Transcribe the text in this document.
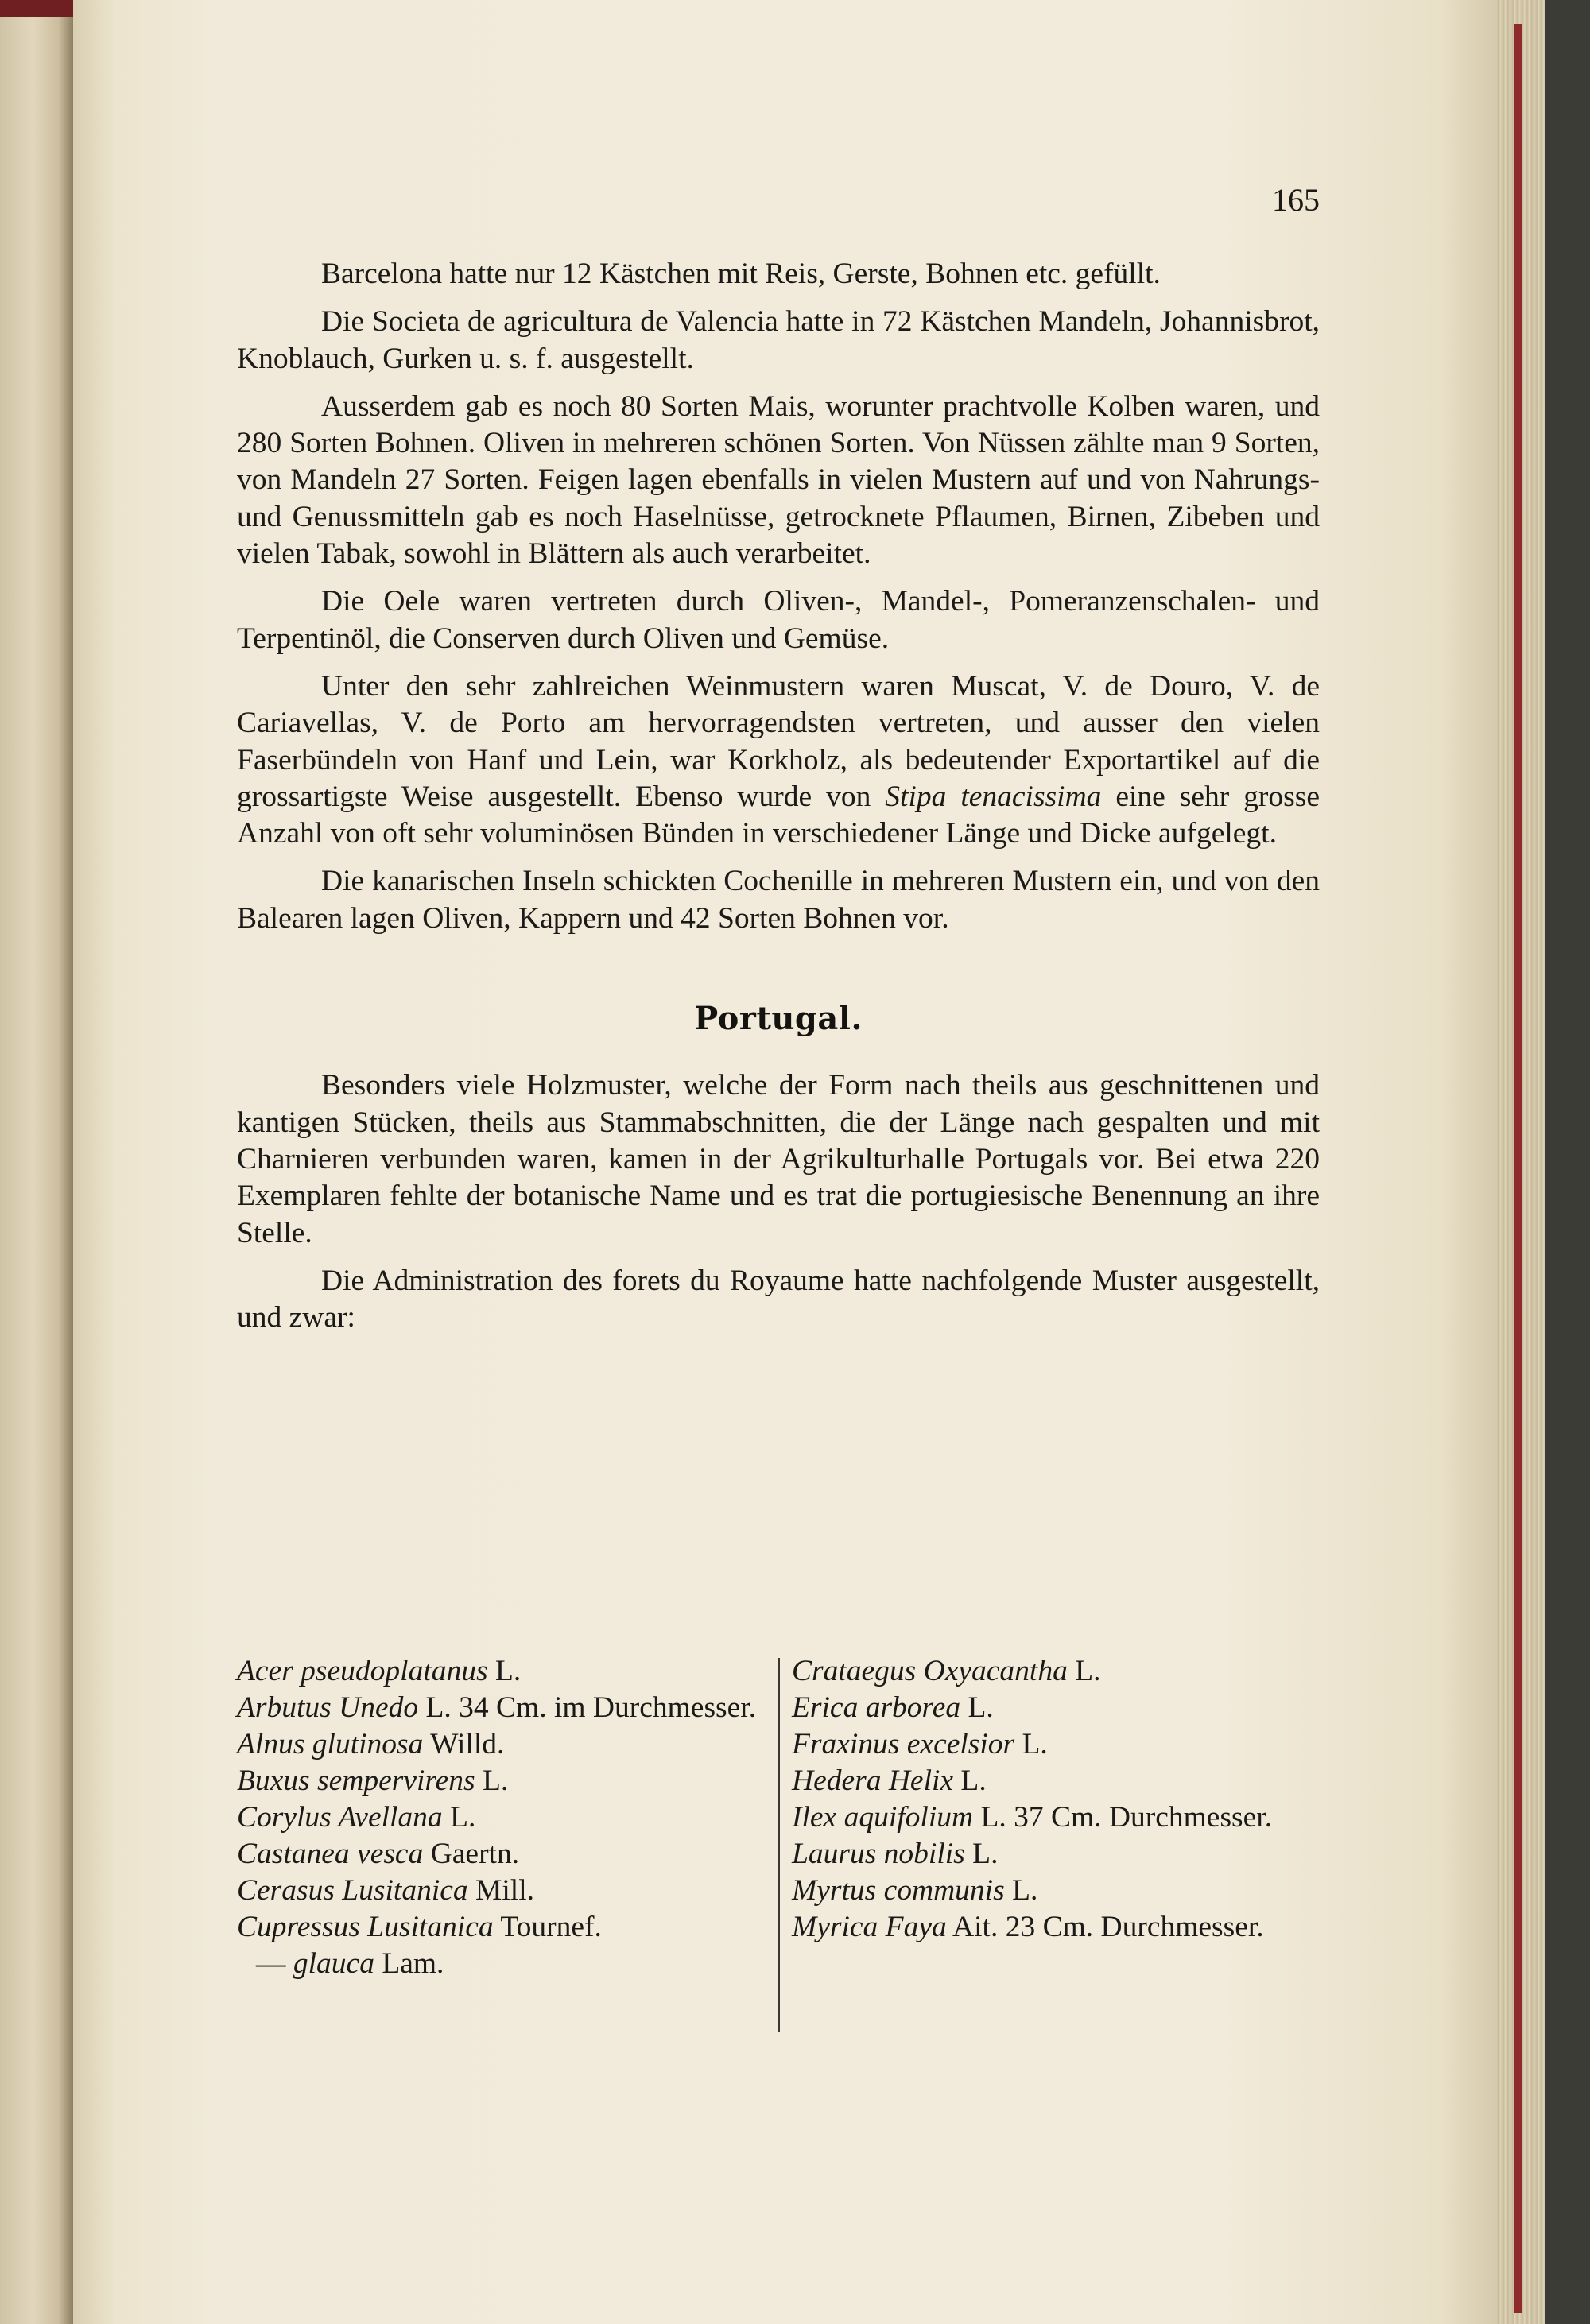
165

Barcelona hatte nur 12 Kästchen mit Reis, Gerste, Bohnen etc. gefüllt.

Die Societa de agricultura de Valencia hatte in 72 Kästchen Mandeln, Johannisbrot, Knoblauch, Gurken u. s. f. ausgestellt.

Ausserdem gab es noch 80 Sorten Mais, worunter prachtvolle Kolben waren, und 280 Sorten Bohnen. Oliven in mehreren schönen Sorten. Von Nüssen zählte man 9 Sorten, von Mandeln 27 Sorten. Feigen lagen ebenfalls in vielen Mustern auf und von Nahrungs- und Genussmitteln gab es noch Haselnüsse, getrocknete Pflaumen, Birnen, Zibeben und vielen Tabak, sowohl in Blättern als auch verarbeitet.

Die Oele waren vertreten durch Oliven-, Mandel-, Pomeranzenschalen- und Terpentinöl, die Conserven durch Oliven und Gemüse.

Unter den sehr zahlreichen Weinmustern waren Muscat, V. de Douro, V. de Cariavellas, V. de Porto am hervorragendsten vertreten, und ausser den vielen Faserbündeln von Hanf und Lein, war Korkholz, als bedeutender Exportartikel auf die grossartigste Weise ausgestellt. Ebenso wurde von Stipa tenacissima eine sehr grosse Anzahl von oft sehr voluminösen Bünden in verschiedener Länge und Dicke aufgelegt.

Die kanarischen Inseln schickten Cochenille in mehreren Mustern ein, und von den Balearen lagen Oliven, Kappern und 42 Sorten Bohnen vor.

Portugal.

Besonders viele Holzmuster, welche der Form nach theils aus geschnittenen und kantigen Stücken, theils aus Stammabschnitten, die der Länge nach gespalten und mit Charnieren verbunden waren, kamen in der Agrikulturhalle Portugals vor. Bei etwa 220 Exemplaren fehlte der botanische Name und es trat die portugiesische Benennung an ihre Stelle.

Die Administration des forets du Royaume hatte nachfolgende Muster ausgestellt, und zwar:

Acer pseudoplatanus L.
Arbutus Unedo L. 34 Cm. im Durchmesser.
Alnus glutinosa Willd.
Buxus sempervirens L.
Corylus Avellana L.
Castanea vesca Gaertn.
Cerasus Lusitanica Mill.
Cupressus Lusitanica Tournef.
— glauca Lam.
Crataegus Oxyacantha L.
Erica arborea L.
Fraxinus excelsior L.
Hedera Helix L.
Ilex aquifolium L. 37 Cm. Durchmesser.
Laurus nobilis L.
Myrtus communis L.
Myrica Faya Ait. 23 Cm. Durchmesser.
